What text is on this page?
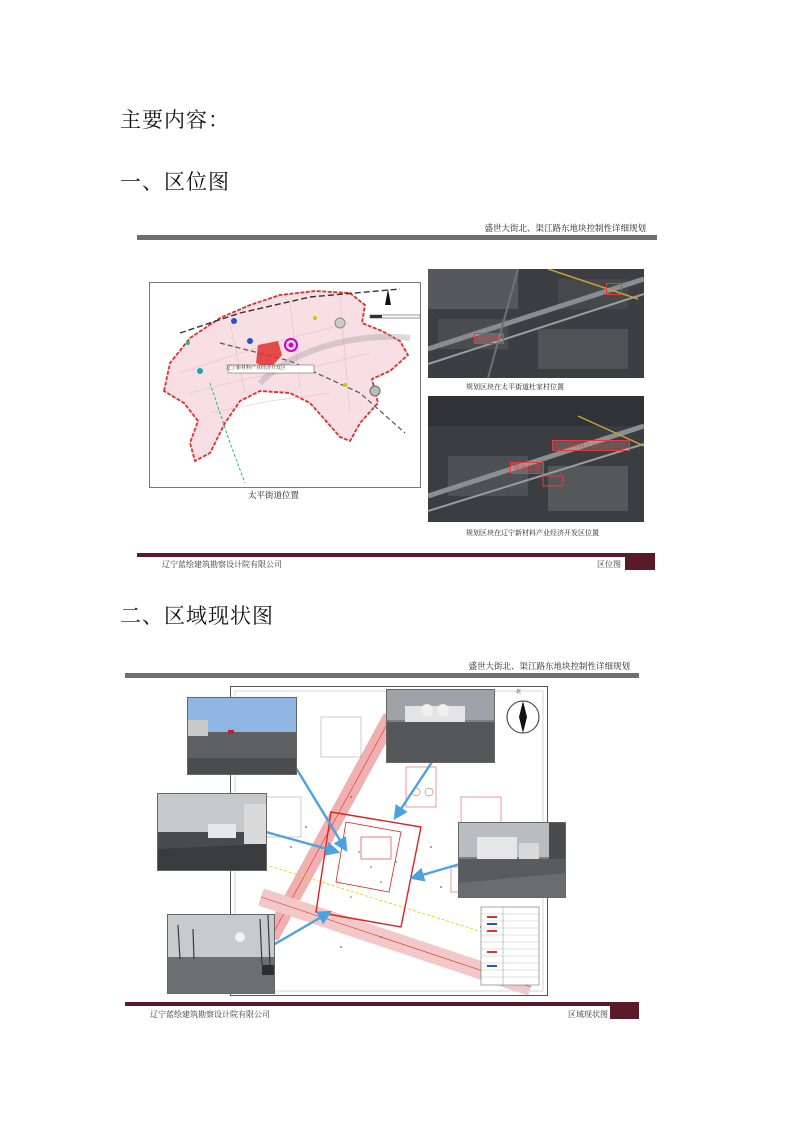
主要内容：
一、区位图
盛世大街北、渠江路东地块控制性详细规划
辽宁新材料产业经济开发区
太平街道位置
规划位置
规划区块在太平街道杜家村位置
辽宁新材料产业经济开发区
规划位置
规划区块在辽宁新材料产业经济开发区位置
辽宁蓝绘建筑勘察设计院有限公司	区位图
二、区域现状图
盛世大街北、渠江路东地块控制性详细规划
北
辽宁蓝绘建筑勘察设计院有限公司	区域现状图
